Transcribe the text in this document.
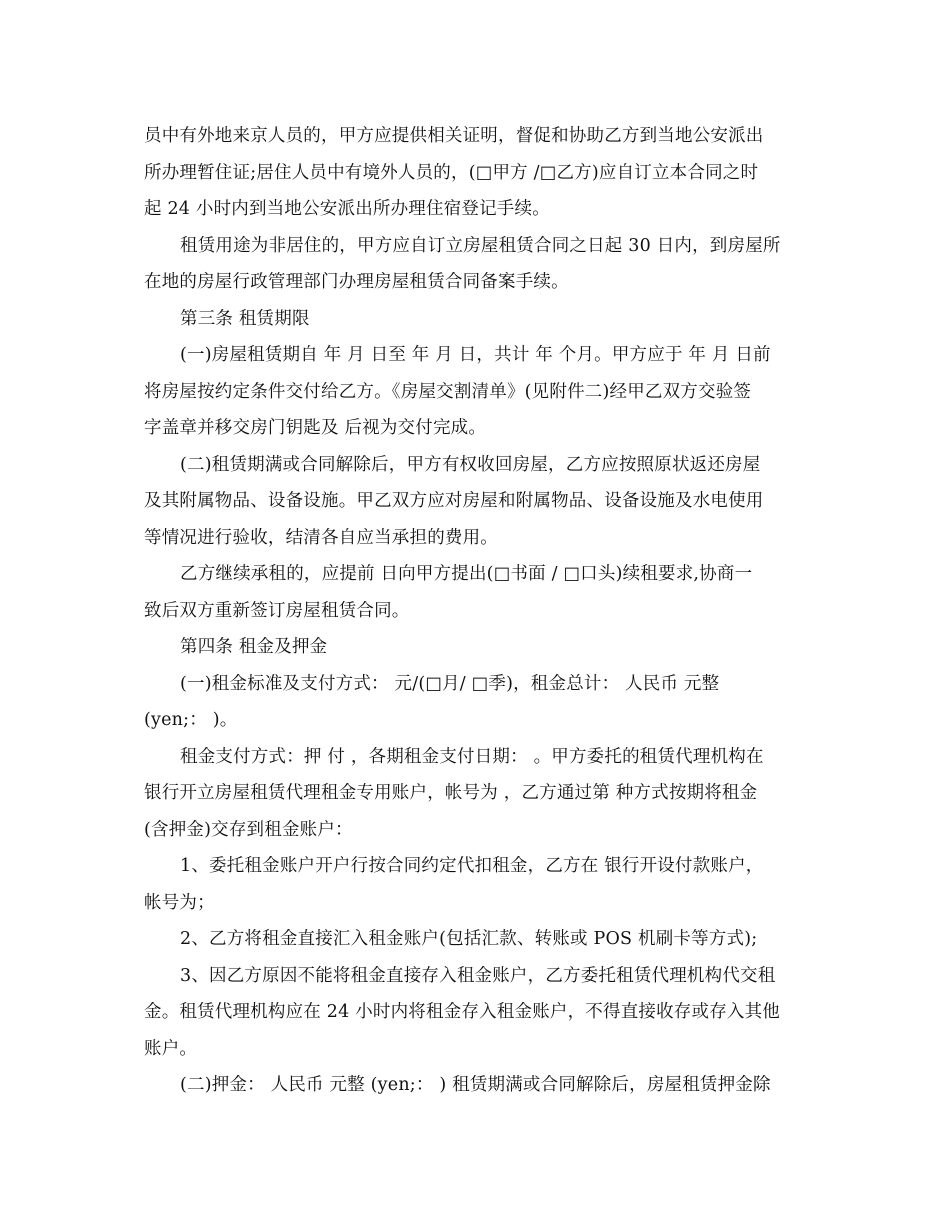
员中有外地来京人员的，甲方应提供相关证明，督促和协助乙方到当地公安派出
所办理暂住证;居住人员中有境外人员的，(□甲方 /□乙方)应自订立本合同之时
起 24 小时内到当地公安派出所办理住宿登记手续。
租赁用途为非居住的，甲方应自订立房屋租赁合同之日起 30 日内，到房屋所
在地的房屋行政管理部门办理房屋租赁合同备案手续。
第三条 租赁期限
(一)房屋租赁期自 年 月 日至 年 月 日，共计 年 个月。甲方应于 年 月 日前
将房屋按约定条件交付给乙方。《房屋交割清单》(见附件二)经甲乙双方交验签
字盖章并移交房门钥匙及 后视为交付完成。
(二)租赁期满或合同解除后，甲方有权收回房屋，乙方应按照原状返还房屋
及其附属物品、设备设施。甲乙双方应对房屋和附属物品、设备设施及水电使用
等情况进行验收，结清各自应当承担的费用。
乙方继续承租的，应提前 日向甲方提出(□书面 / □口头)续租要求,协商一
致后双方重新签订房屋租赁合同。
第四条 租金及押金
(一)租金标准及支付方式： 元/(□月/ □季)，租金总计： 人民币 元整
(yen;： )。
租金支付方式：押 付 ，各期租金支付日期： 。甲方委托的租赁代理机构在
银行开立房屋租赁代理租金专用账户，帐号为 ，乙方通过第 种方式按期将租金
(含押金)交存到租金账户：
1、委托租金账户开户行按合同约定代扣租金，乙方在 银行开设付款账户，
帐号为；
2、乙方将租金直接汇入租金账户(包括汇款、转账或 POS 机刷卡等方式);
3、因乙方原因不能将租金直接存入租金账户，乙方委托租赁代理机构代交租
金。租赁代理机构应在 24 小时内将租金存入租金账户，不得直接收存或存入其他
账户。
(二)押金： 人民币 元整 (yen;： ) 租赁期满或合同解除后，房屋租赁押金除
